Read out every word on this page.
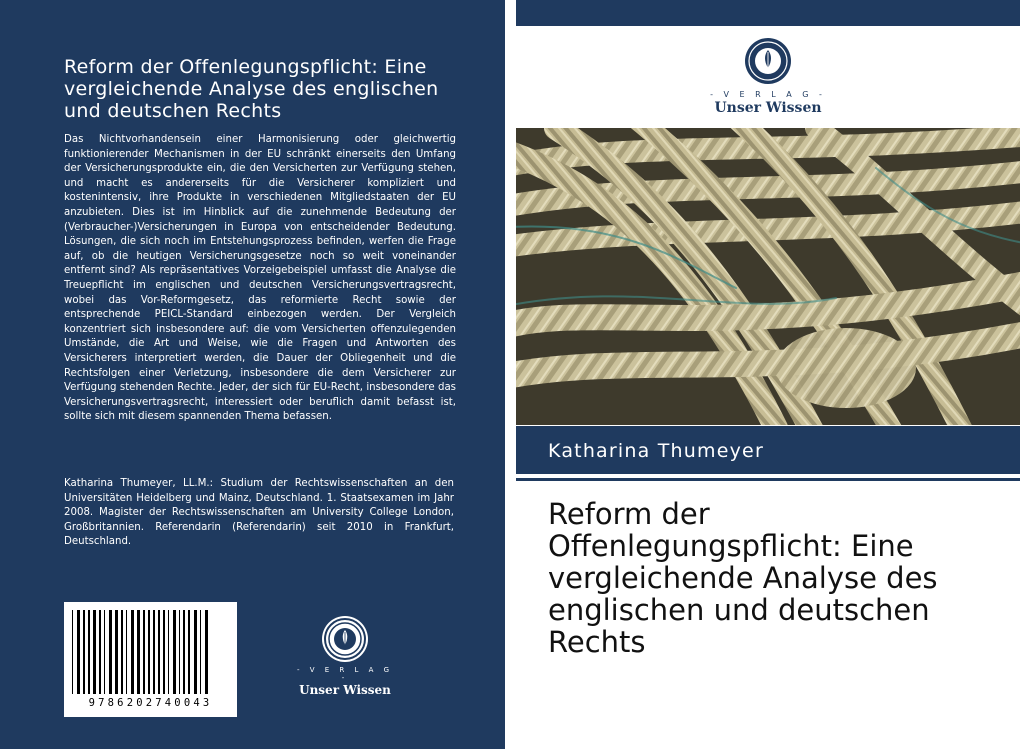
Reform der Offenlegungspflicht: Eine vergleichende Analyse des englischen und deutschen Rechts

Das Nichtvorhandensein einer Harmonisierung oder gleichwertig funktionierender Mechanismen in der EU schränkt einerseits den Umfang der Versicherungsprodukte ein, die den Versicherten zur Verfügung stehen, und macht es andererseits für die Versicherer kompliziert und kostenintensiv, ihre Produkte in verschiedenen Mitgliedstaaten der EU anzubieten. Dies ist im Hinblick auf die zunehmende Bedeutung der (Verbraucher-)Versicherungen in Europa von entscheidender Bedeutung. Lösungen, die sich noch im Entstehungsprozess befinden, werfen die Frage auf, ob die heutigen Versicherungsgesetze noch so weit voneinander entfernt sind? Als repräsentatives Vorzeigebeispiel umfasst die Analyse die Treuepflicht im englischen und deutschen Versicherungsvertragsrecht, wobei das Vor-Reformgesetz, das reformierte Recht sowie der entsprechende PEICL-Standard einbezogen werden. Der Vergleich konzentriert sich insbesondere auf: die vom Versicherten offenzulegenden Umstände, die Art und Weise, wie die Fragen und Antworten des Versicherers interpretiert werden, die Dauer der Obliegenheit und die Rechtsfolgen einer Verletzung, insbesondere die dem Versicherer zur Verfügung stehenden Rechte. Jeder, der sich für EU-Recht, insbesondere das Versicherungsvertragsrecht, interessiert oder beruflich damit befasst ist, sollte sich mit diesem spannenden Thema befassen.

Katharina Thumeyer, LL.M.: Studium der Rechtswissenschaften an den Universitäten Heidelberg und Mainz, Deutschland. 1. Staatsexamen im Jahr 2008. Magister der Rechtswissenschaften am University College London, Großbritannien. Referendarin (Referendarin) seit 2010 in Frankfurt, Deutschland.

9786202740043
- V E R L A G -
Unser Wissen
- V E R L A G -
Unser Wissen
Katharina Thumeyer
Reform der Offenlegungspflicht: Eine vergleichende Analyse des englischen und deutschen Rechts
